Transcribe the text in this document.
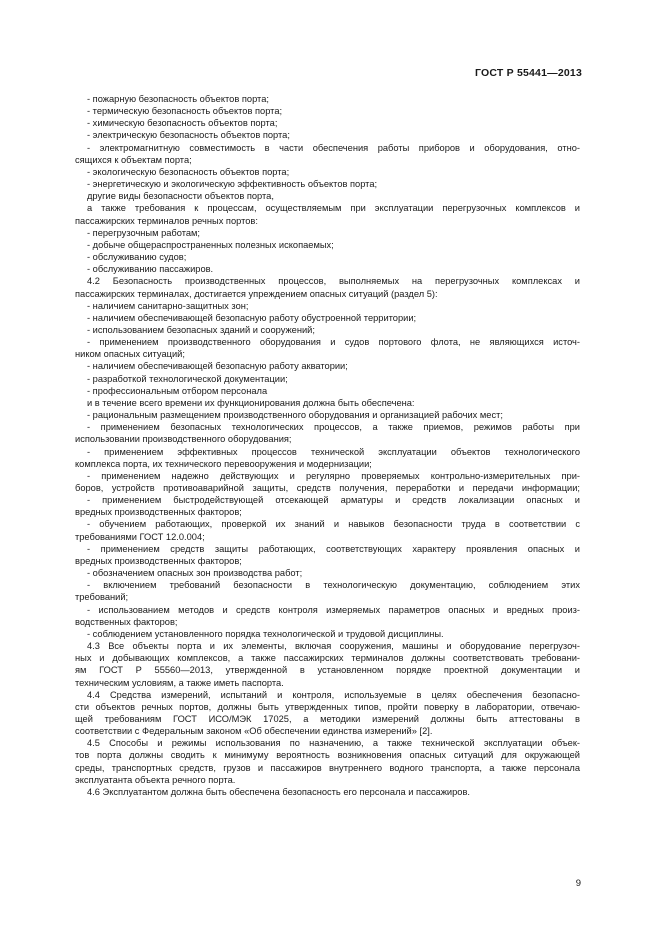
ГОСТ Р 55441—2013

- пожарную безопасность объектов порта;

- термическую безопасность объектов порта;

- химическую безопасность объектов порта;

- электрическую безопасность объектов порта;

- электромагнитную совместимость в части обеспечения работы приборов и оборудования, отно-

сящихся к объектам порта;

- экологическую безопасность объектов порта;

- энергетическую и экологическую эффективность объектов порта;

другие виды безопасности объектов порта,

а также требования к процессам, осуществляемым при эксплуатации перегрузочных комплексов и

пассажирских терминалов речных портов:

- перегрузочным работам;

- добыче общераспространенных полезных ископаемых;

- обслуживанию судов;

- обслуживанию пассажиров.

4.2 Безопасность производственных процессов, выполняемых на перегрузочных комплексах и

пассажирских терминалах, достигается упреждением опасных ситуаций (раздел 5):

- наличием санитарно-защитных зон;

- наличием обеспечивающей безопасную работу обустроенной территории;

- использованием безопасных зданий и сооружений;

- применением производственного оборудования и судов портового флота, не являющихся источ-

ником опасных ситуаций;

- наличием обеспечивающей безопасную работу акватории;

- разработкой технологической документации;

- профессиональным отбором персонала

и в течение всего времени их функционирования должна быть обеспечена:

- рациональным размещением производственного оборудования и организацией рабочих мест;

- применением безопасных технологических процессов, а также приемов, режимов работы при

использовании производственного оборудования;

- применением эффективных процессов технической эксплуатации объектов технологического

комплекса порта, их технического перевооружения и модернизации;

- применением надежно действующих и регулярно проверяемых контрольно-измерительных при-

боров, устройств противоаварийной защиты, средств получения, переработки и передачи информации;

- применением быстродействующей отсекающей арматуры и средств локализации опасных и

вредных производственных факторов;

- обучением работающих, проверкой их знаний и навыков безопасности труда в соответствии с

требованиями ГОСТ 12.0.004;

- применением средств защиты работающих, соответствующих характеру проявления опасных и

вредных производственных факторов;

- обозначением опасных зон производства работ;

- включением требований безопасности в технологическую документацию, соблюдением этих

требований;

- использованием методов и средств контроля измеряемых параметров опасных и вредных произ-

водственных факторов;

- соблюдением установленного порядка технологической и трудовой дисциплины.

4.3 Все объекты порта и их элементы, включая сооружения, машины и оборудование перегрузоч-

ных и добывающих комплексов, а также пассажирских терминалов должны соответствовать требовани-

ям ГОСТ Р 55560—2013, утвержденной в установленном порядке проектной документации и

техническим условиям, а также иметь паспорта.

4.4 Средства измерений, испытаний и контроля, используемые в целях обеспечения безопасно-

сти объектов речных портов, должны быть утвержденных типов, пройти поверку в лаборатории, отвечаю-

щей требованиям ГОСТ ИСО/МЭК 17025, а методики измерений должны быть аттестованы в

соответствии с Федеральным законом «Об обеспечении единства измерений» [2].

4.5 Способы и режимы использования по назначению, а также технической эксплуатации объек-

тов порта должны сводить к минимуму вероятность возникновения опасных ситуаций для окружающей

среды, транспортных средств, грузов и пассажиров внутреннего водного транспорта, а также персонала

эксплуатанта объекта речного порта.

4.6 Эксплуатантом должна быть обеспечена безопасность его персонала и пассажиров.

9
